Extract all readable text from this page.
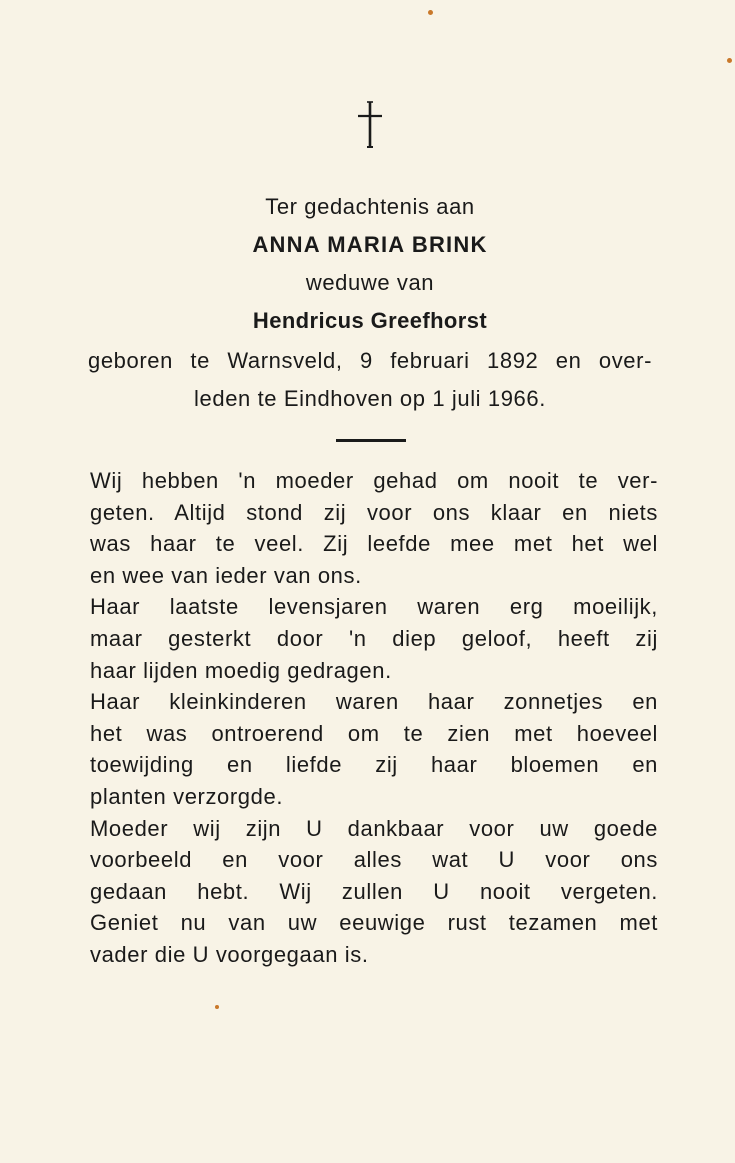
Ter gedachtenis aan
ANNA MARIA BRINK
weduwe van
Hendricus Greefhorst
geboren te Warnsveld, 9 februari 1892 en over-
leden te Eindhoven op 1 juli 1966.
Wij hebben 'n moeder gehad om nooit te ver-
geten. Altijd stond zij voor ons klaar en niets
was haar te veel. Zij leefde mee met het wel
en wee van ieder van ons.
Haar laatste levensjaren waren erg moeilijk,
maar gesterkt door 'n diep geloof, heeft zij
haar lijden moedig gedragen.
Haar kleinkinderen waren haar zonnetjes en
het was ontroerend om te zien met hoeveel
toewijding en liefde zij haar bloemen en
planten verzorgde.
Moeder wij zijn U dankbaar voor uw goede
voorbeeld en voor alles wat U voor ons
gedaan hebt. Wij zullen U nooit vergeten.
Geniet nu van uw eeuwige rust tezamen met
vader die U voorgegaan is.
